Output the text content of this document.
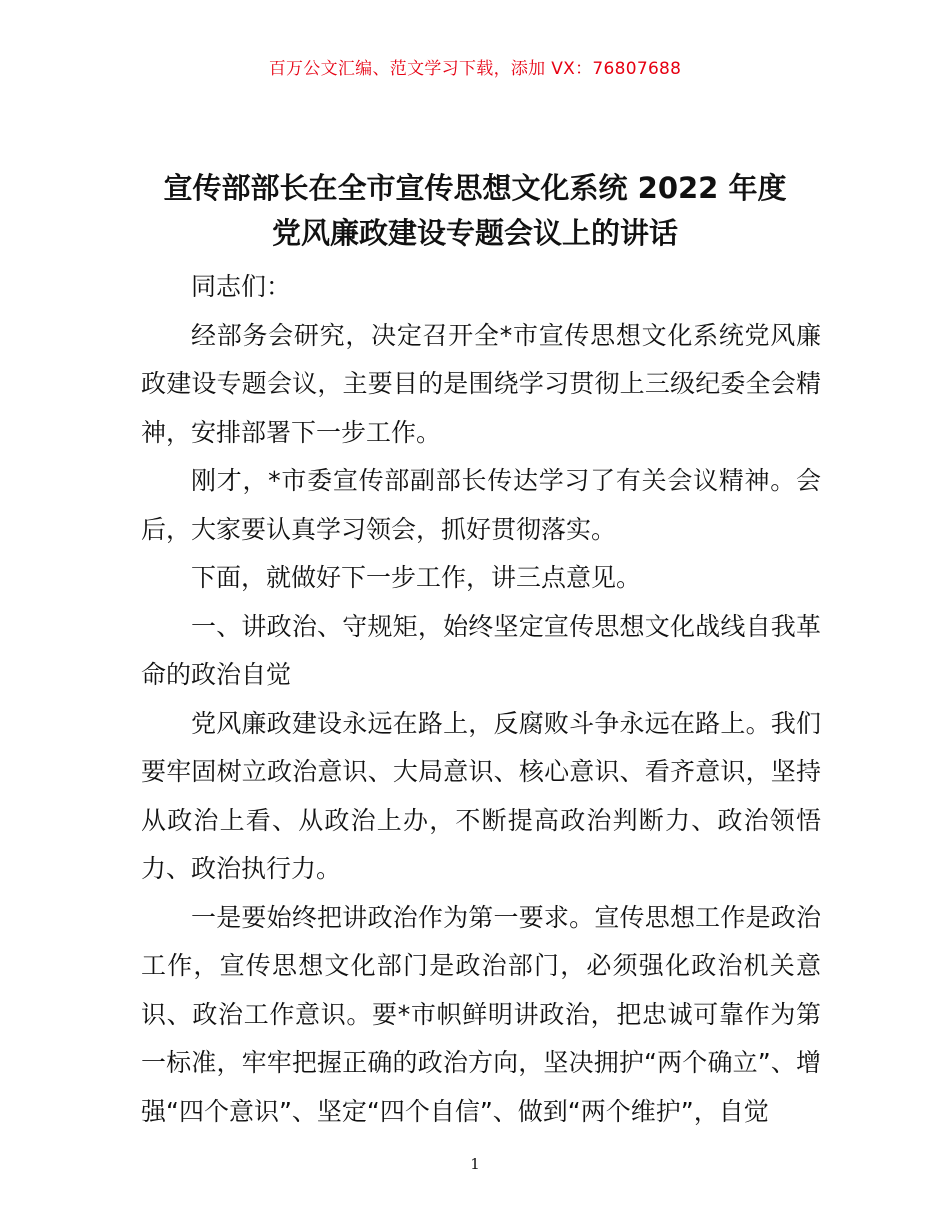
百万公文汇编、范文学习下载，添加 VX：76807688
宣传部部长在全市宣传思想文化系统 2022 年度
党风廉政建设专题会议上的讲话

同志们：

经部务会研究，决定召开全*市宣传思想文化系统党风廉政建设专题会议，主要目的是围绕学习贯彻上三级纪委全会精神，安排部署下一步工作。

刚才，*市委宣传部副部长传达学习了有关会议精神。会后，大家要认真学习领会，抓好贯彻落实。

下面，就做好下一步工作，讲三点意见。

一、讲政治、守规矩，始终坚定宣传思想文化战线自我革命的政治自觉

党风廉政建设永远在路上，反腐败斗争永远在路上。我们要牢固树立政治意识、大局意识、核心意识、看齐意识，坚持从政治上看、从政治上办，不断提高政治判断力、政治领悟力、政治执行力。

一是要始终把讲政治作为第一要求。宣传思想工作是政治工作，宣传思想文化部门是政治部门，必须强化政治机关意识、政治工作意识。要*市帜鲜明讲政治，把忠诚可靠作为第一标准，牢牢把握正确的政治方向，坚决拥护“两个确立”、增强“四个意识”、坚定“四个自信”、做到“两个维护”，自觉

1
